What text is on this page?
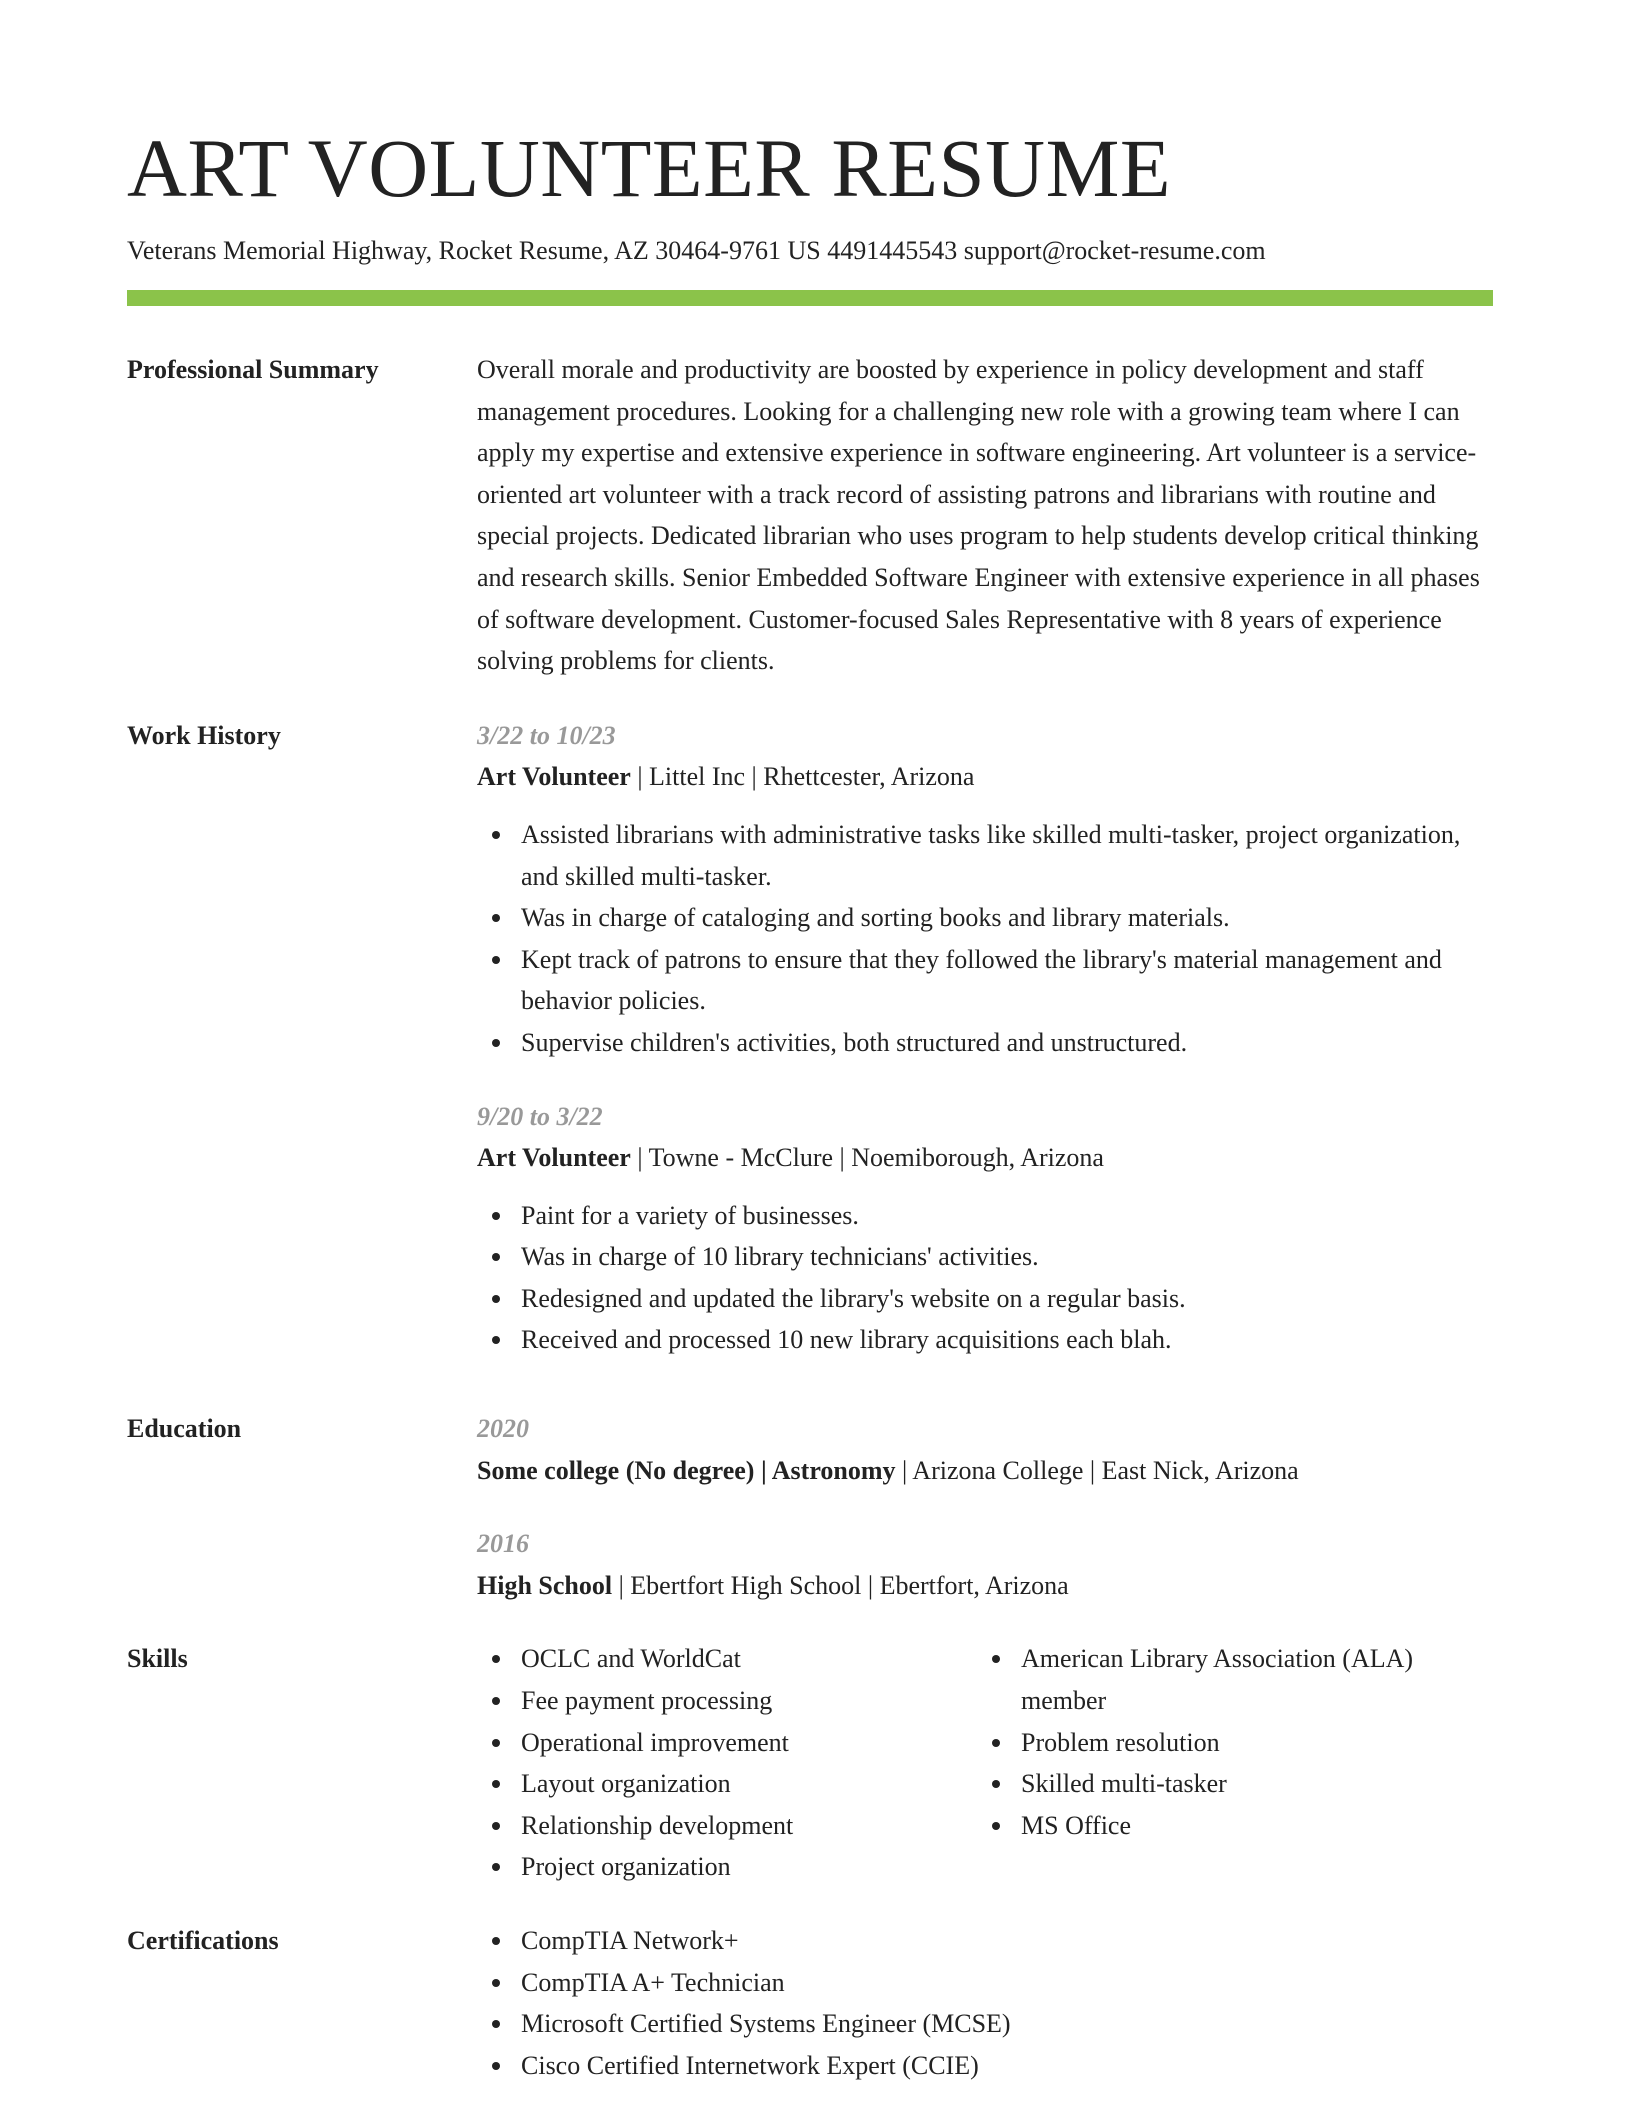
ART VOLUNTEER RESUME
Veterans Memorial Highway, Rocket Resume, AZ 30464-9761 US 4491445543 support@rocket-resume.com
Professional Summary	Overall morale and productivity are boosted by experience in policy development and staff management procedures. Looking for a challenging new role with a growing team where I can apply my expertise and extensive experience in software engineering. Art volunteer is a service-oriented art volunteer with a track record of assisting patrons and librarians with routine and special projects. Dedicated librarian who uses program to help students develop critical thinking and research skills. Senior Embedded Software Engineer with extensive experience in all phases of software development. Customer-focused Sales Representative with 8 years of experience solving problems for clients.
Work History	3/22 to 10/23
Art Volunteer | Littel Inc | Rhettcester, Arizona
Assisted librarians with administrative tasks like skilled multi-tasker, project organization, and skilled multi-tasker.
Was in charge of cataloging and sorting books and library materials.
Kept track of patrons to ensure that they followed the library's material management and behavior policies.
Supervise children's activities, both structured and unstructured.
9/20 to 3/22
Art Volunteer | Towne - McClure | Noemiborough, Arizona
Paint for a variety of businesses.
Was in charge of 10 library technicians' activities.
Redesigned and updated the library's website on a regular basis.
Received and processed 10 new library acquisitions each blah.
Education	2020
Some college (No degree) | Astronomy | Arizona College | East Nick, Arizona
2016
High School | Ebertfort High School | Ebertfort, Arizona
Skills	OCLC and WorldCat
Fee payment processing
Operational improvement
Layout organization
Relationship development
Project organization
American Library Association (ALA) member
Problem resolution
Skilled multi-tasker
MS Office
Certifications	CompTIA Network+
CompTIA A+ Technician
Microsoft Certified Systems Engineer (MCSE)
Cisco Certified Internetwork Expert (CCIE)
